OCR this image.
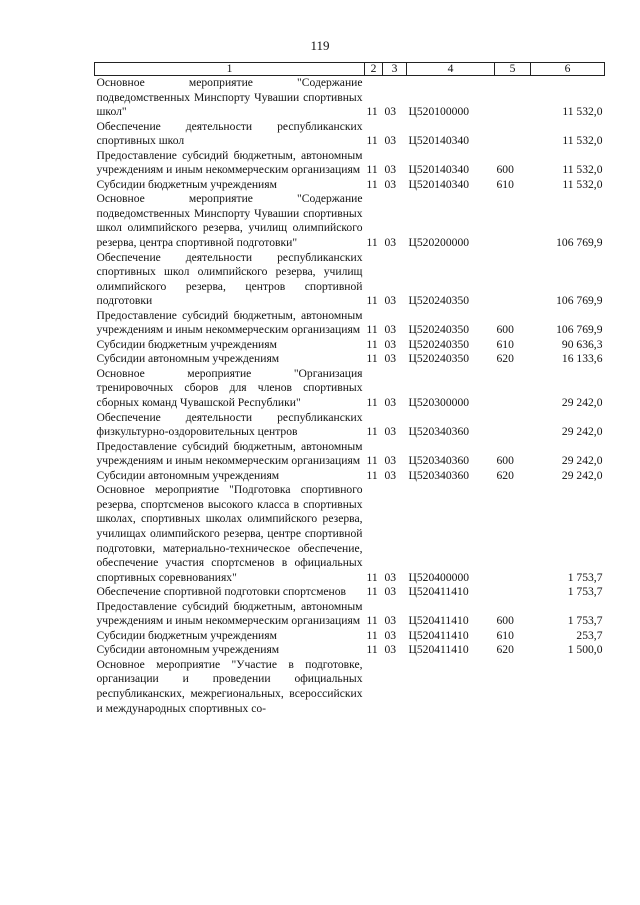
119
1	2	3	4	5	6
Основное мероприятие "Содержание подведомственных Минспорту Чувашии спортивных школ"	11	03	Ц520100000		11 532,0
Обеспечение деятельности республиканских спортивных школ	11	03	Ц520140340		11 532,0
Предоставление субсидий бюджетным, автономным учреждениям и иным некоммерческим организациям	11	03	Ц520140340	600	11 532,0
Субсидии бюджетным учреждениям	11	03	Ц520140340	610	11 532,0
Основное мероприятие "Содержание подведомственных Минспорту Чувашии спортивных школ олимпийского резерва, училищ олимпийского резерва, центра спортивной подготовки"	11	03	Ц520200000		106 769,9
Обеспечение деятельности республиканских спортивных школ олимпийского резерва, училищ олимпийского резерва, центров спортивной подготовки	11	03	Ц520240350		106 769,9
Предоставление субсидий бюджетным, автономным учреждениям и иным некоммерческим организациям	11	03	Ц520240350	600	106 769,9
Субсидии бюджетным учреждениям	11	03	Ц520240350	610	90 636,3
Субсидии автономным учреждениям	11	03	Ц520240350	620	16 133,6
Основное мероприятие "Организация тренировочных сборов для членов спортивных сборных команд Чувашской Республики"	11	03	Ц520300000		29 242,0
Обеспечение деятельности республиканских физкультурно-оздоровительных центров	11	03	Ц520340360		29 242,0
Предоставление субсидий бюджетным, автономным учреждениям и иным некоммерческим организациям	11	03	Ц520340360	600	29 242,0
Субсидии автономным учреждениям	11	03	Ц520340360	620	29 242,0
Основное мероприятие "Подготовка спортивного резерва, спортсменов высокого класса в спортивных школах, спортивных школах олимпийского резерва, училищах олимпийского резерва, центре спортивной подготовки, материально-техническое обеспечение, обеспечение участия спортсменов в официальных спортивных соревнованиях"	11	03	Ц520400000		1 753,7
Обеспечение спортивной подготовки спортсменов	11	03	Ц520411410		1 753,7
Предоставление субсидий бюджетным, автономным учреждениям и иным некоммерческим организациям	11	03	Ц520411410	600	1 753,7
Субсидии бюджетным учреждениям	11	03	Ц520411410	610	253,7
Субсидии автономным учреждениям	11	03	Ц520411410	620	1 500,0
Основное мероприятие "Участие в подготовке, организации и проведении официальных республиканских, межрегиональных, всероссийских и международных спортивных со-					
